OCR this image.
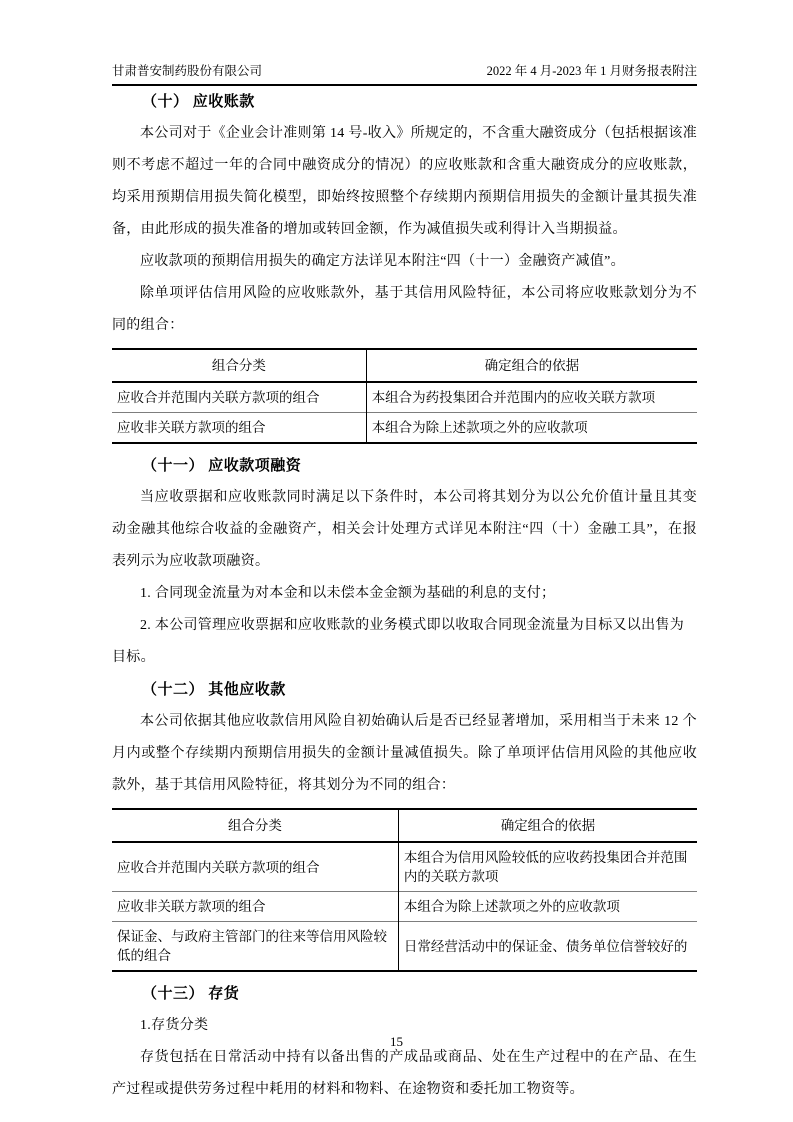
甘肃普安制药股份有限公司	2022 年 4 月-2023 年 1 月财务报表附注
（十） 应收账款

本公司对于《企业会计准则第 14 号-收入》所规定的，不含重大融资成分（包括根据该准则不考虑不超过一年的合同中融资成分的情况）的应收账款和含重大融资成分的应收账款，均采用预期信用损失简化模型，即始终按照整个存续期内预期信用损失的金额计量其损失准备，由此形成的损失准备的增加或转回金额，作为减值损失或利得计入当期损益。

应收款项的预期信用损失的确定方法详见本附注“四（十一）金融资产减值”。

除单项评估信用风险的应收账款外，基于其信用风险特征，本公司将应收账款划分为不同的组合：

组合分类	确定组合的依据
应收合并范围内关联方款项的组合	本组合为药投集团合并范围内的应收关联方款项
应收非关联方款项的组合	本组合为除上述款项之外的应收款项
（十一） 应收款项融资

当应收票据和应收账款同时满足以下条件时，本公司将其划分为以公允价值计量且其变动金融其他综合收益的金融资产，相关会计处理方式详见本附注“四（十）金融工具”，在报表列示为应收款项融资。

1. 合同现金流量为对本金和以未偿本金金额为基础的利息的支付；

2. 本公司管理应收票据和应收账款的业务模式即以收取合同现金流量为目标又以出售为目标。

（十二） 其他应收款

本公司依据其他应收款信用风险自初始确认后是否已经显著增加，采用相当于未来 12 个月内或整个存续期内预期信用损失的金额计量减值损失。除了单项评估信用风险的其他应收款外，基于其信用风险特征，将其划分为不同的组合：

组合分类	确定组合的依据
应收合并范围内关联方款项的组合	本组合为信用风险较低的应收药投集团合并范围内的关联方款项
应收非关联方款项的组合	本组合为除上述款项之外的应收款项
保证金、与政府主管部门的往来等信用风险较低的组合	日常经营活动中的保证金、债务单位信誉较好的
（十三） 存货

1.存货分类

存货包括在日常活动中持有以备出售的产成品或商品、处在生产过程中的在产品、在生产过程或提供劳务过程中耗用的材料和物料、在途物资和委托加工物资等。

15
